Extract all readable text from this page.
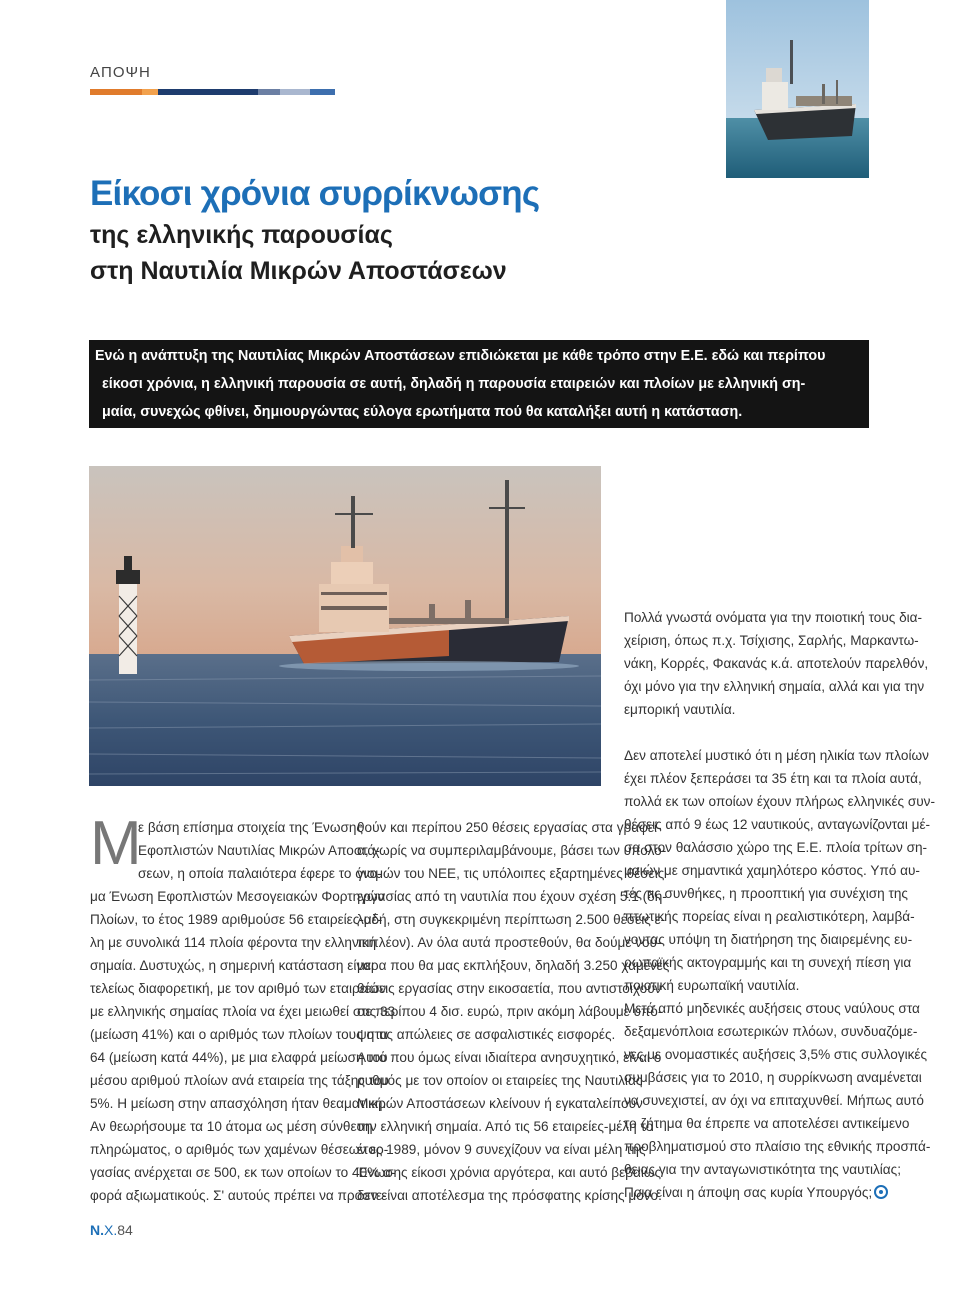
ΑΠΟΨΗ
Είκοσι χρόνια συρρίκνωσης
της ελληνικής παρουσίας
στη Ναυτιλία Μικρών Αποστάσεων
Ενώ η ανάπτυξη της Ναυτιλίας Μικρών Αποστάσεων επιδιώκεται με κάθε τρόπο στην Ε.Ε. εδώ και περίπου
είκοσι χρόνια, η ελληνική παρουσία σε αυτή, δηλαδή η παρουσία εταιρειών και πλοίων με ελληνική ση-
μαία, συνεχώς φθίνει, δημιουργώντας εύλογα ερωτήματα πού θα καταλήξει αυτή η κατάσταση.
Μ

ε βάση επίσημα στοιχεία της Ένωσης
Εφοπλιστών Ναυτιλίας Μικρών Αποστά-
σεων, η οποία παλαιότερα έφερε το όνο-
μα Ένωση Εφοπλιστών Μεσογειακών Φορτηγών
Πλοίων, το έτος 1989 αριθμούσε 56 εταιρείες-μέ-
λη με συνολικά 114 πλοία φέροντα την ελληνική
σημαία. Δυστυχώς, η σημερινή κατάσταση είναι
τελείως διαφορετική, με τον αριθμό των εταιρειών
με ελληνικής σημαίας πλοία να έχει μειωθεί στις 33
(μείωση 41%) και ο αριθμός των πλοίων τους στα
64 (μείωση κατά 44%), με μια ελαφρά μείωση του
μέσου αριθμού πλοίων ανά εταιρεία της τάξης του
5%. Η μείωση στην απασχόληση ήταν θεαματική.
Αν θεωρήσουμε τα 10 άτομα ως μέση σύνθεση
πληρώματος, ο αριθμός των χαμένων θέσεων ερ-
γασίας ανέρχεται σε 500, εκ των οποίων το 40% α-
φορά αξιωματικούς. Σ' αυτούς πρέπει να προστε-

θούν και περίπου 250 θέσεις εργασίας στα γραφεί-
α, χωρίς να συμπεριλαμβάνουμε, βάσει των υπολο-
γισμών του ΝΕΕ, τις υπόλοιπες εξαρτημένες θέσεις
εργασίας από τη ναυτιλία που έχουν σχέση 5:1 (δη-
λαδή, στη συγκεκριμένη περίπτωση 2.500 θέσεις ε-
πιπλέον). Αν όλα αυτά προστεθούν, θα δούμε νού-
μερα που θα μας εκπλήξουν, δηλαδή 3.250 χαμένες
θέσεις εργασίας στην εικοσαετία, που αντιστοιχούν
σε περίπου 4 δισ. ευρώ, πριν ακόμη λάβουμε υπό-
ψη τις απώλειες σε ασφαλιστικές εισφορές.
Αυτό που όμως είναι ιδιαίτερα ανησυχητικό, είναι ο
ρυθμός με τον οποίον οι εταιρείες της Ναυτιλίας
Μικρών Αποστάσεων κλείνουν ή εγκαταλείπουν
την ελληνική σημαία. Από τις 56 εταιρείες-μέλη το
έτος 1989, μόνον 9 συνεχίζουν να είναι μέλη της
Ένωσης είκοσι χρόνια αργότερα, και αυτό βεβαίως
δεν είναι αποτέλεσμα της πρόσφατης κρίσης μόνο.

Πολλά γνωστά ονόματα για την ποιοτική τους δια-
χείριση, όπως π.χ. Τσίχισης, Σαρλής, Μαρκαντω-
νάκη, Κορρές, Φακανάς κ.ά. αποτελούν παρελθόν,
όχι μόνο για την ελληνική σημαία, αλλά και για την
εμπορική ναυτιλία.

Δεν αποτελεί μυστικό ότι η μέση ηλικία των πλοίων
έχει πλέον ξεπεράσει τα 35 έτη και τα πλοία αυτά,
πολλά εκ των οποίων έχουν πλήρως ελληνικές συν-
θέσεις από 9 έως 12 ναυτικούς, ανταγωνίζονται μέ-
σα στον θαλάσσιο χώρο της Ε.Ε. πλοία τρίτων ση-
μαιών με σημαντικά χαμηλότερο κόστος. Υπό αυ-
τές τις συνθήκες, η προοπτική για συνέχιση της
πτωτικής πορείας είναι η ρεαλιστικότερη, λαμβά-
νοντας υπόψη τη διατήρηση της διαιρεμένης ευ-
ρωπαϊκής ακτογραμμής και τη συνεχή πίεση για
ποιοτική ευρωπαϊκή ναυτιλία.
Μετά από μηδενικές αυξήσεις στους ναύλους στα
δεξαμενόπλοια εσωτερικών πλόων, συνδυαζόμε-
νες με ονομαστικές αυξήσεις 3,5% στις συλλογικές
συμβάσεις για το 2010, η συρρίκνωση αναμένεται
να συνεχιστεί, αν όχι να επιταχυνθεί. Μήπως αυτό
το ζήτημα θα έπρεπε να αποτελέσει αντικείμενο
προβληματισμού στο πλαίσιο της εθνικής προσπά-
θειας για την ανταγωνιστικότητα της ναυτιλίας;
Ποια είναι η άποψη σας κυρία Υπουργός;

N.X.84
